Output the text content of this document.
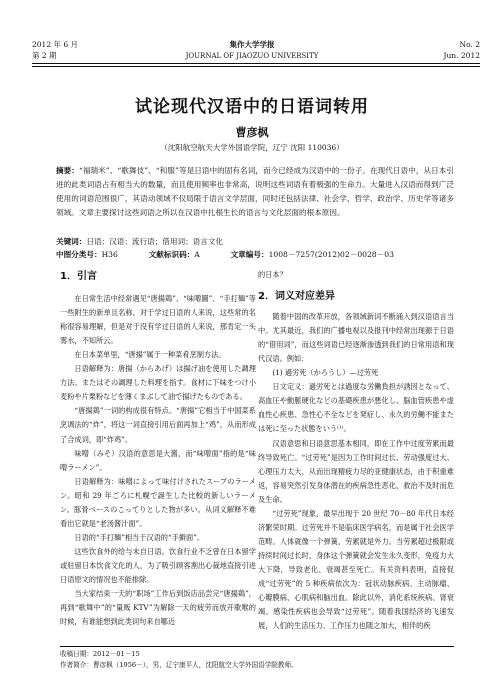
2012 年 6 月
第 2 期
集作大学学报
JOURNAL OF JIAOZUO UNIVERSITY
No. 2
Jun. 2012
试论现代汉语中的日语词转用
曹彦枫
（沈阳航空航天大学外国语学院，辽宁 沈阳 110036）
摘要：“福瑞米”、“歌舞伎”、“和服”等是日语中的固有名词，而今已经成为汉语中的一份子。在现代日语中，从日本引进的此类词语占有相当大的数量，而且使用频率也非常高，说明这些词语有着极强的生命力。大量进入汉语而得到广泛使用的词语范围很广，其语动领域不仅局限于语言文学层面，同时还包括法律、社会学、哲学、政治学、历史学等诸多领域。文章主要探讨这些词语之所以在汉语中扎根生长的语言与文化层面的根本原因。
关键词：日语；汉语；流行语；借用词；语言文化
中图分类号：H36	文献标识码：A	文章编号：1008－7257(2012)02－0028－03
1．引言

在日常生活中经常遇见“唐揚鶏”、“味噌圖”、“手打麺”等一些附生的新单且名称。对于学过日语的人来说，这些常的名称很容易理解，但是对于没有学过日语的人来说，那肯定一头雾水，不知所云。

在日本菜单里，“唐揚”属于一种菜肴烹制方法。

日语解释为：唐揚（からあげ）は揚げ油を使用した調理方法。またはその調理した料理を指す。食材に下味をつけ小麦粉や片栗粉などを薄くまぶして油で揚げたものである。

“唐揚鶏”一词的构成很有特点。“唐揚”它相当于中国菜系烹调法的“炸”，将这一词直接引用后面再加上“鸡”，从而形成了合成词，即“炸鸡”。

味噌（みそ）汉语的意思是大酱，而“味噌面”指的是“味噌ラーメン”。

日语解释为：味噌によって味付けされたスープのラーメン。昭和 29 年ごろに札幌で誕生した比較的新しいラーメン。豚骨ベースのこってりとした物が多い。从词义解释不难看出它就是“老汤酱汁面”。

日语的“手打麺”相当于汉语的“手擀面”。

这些饮食外的给与未自日语。饮食行业不乏曾在日本留学或驻留日本饮食文化的人，为了吸引顾客割出心裁地直接引进日语原文的情况也不能排除。

当大家结束一天的“职场”工作后到饭店品尝完“唐揚鶏”，再到“歌舞中”的“量贩 KTV”为解除一天的疲劳而放开歌喉的时候，有谁能想到此类词句来自哪近

的日本？
2．词义对应差异

随着中国的改革开放，各领域新词不断涌入到汉语语言当中。尤其最近，我们的广播电视以及报刊中经常出现源于日语的“借用词”，而这些词语已经逐渐渗透到我们的日常用语和现代汉语。例如：

(1) 過労死（かろうし）—过劳死

日文定义：過労死とは過度な労働負担が誘因となって、高血圧や動脈硬化などの基礎疾患が悪化し、脳血管疾患や虚血性心疾患、急性心不全などを発症し、永久的労働不能または死に至った状態をいう⁽¹⁾。

汉语意思和日语意思基本相同，即在工作中过度劳累而最终导致死亡。“过劳死”是因为工作时间过长、劳动强度过大、心理压力太大，从而出现精疲力尽的亚健康状态，由于积重难返，容易突然引发身体潜在的疾病急性恶化，救治不及时而危及生命。

“过劳死”现象，最早出现于 20 世纪 70－80 年代日本经济繁荣时期。过劳死并不是临床医学病名，而是属于社会医学范畴。人体就像一个弹簧，劳累就是外力。当劳累超过极限或持续时间过长时，身体这个弹簧就会发生永久变形，免疫力大大下降，导致老化、衰竭甚至死亡。有关资料表明，直接促成“过劳死”的 5 种疾病依次为：冠状动脉疾病、主动脉瘤、心瓣膜病、心肌病和脑出血。除此以外，消化系统疾病、肾衰竭、感染性疾病也会导致“过劳死”。随着我国经济的飞速发展，人们的生活压力、工作压力也随之加大，相伴的疾

收稿日期：2012－01－15
作者简介：曹彦枫（1956－），男，辽宁康平人，沈阳航空大学外国语学院教师。
